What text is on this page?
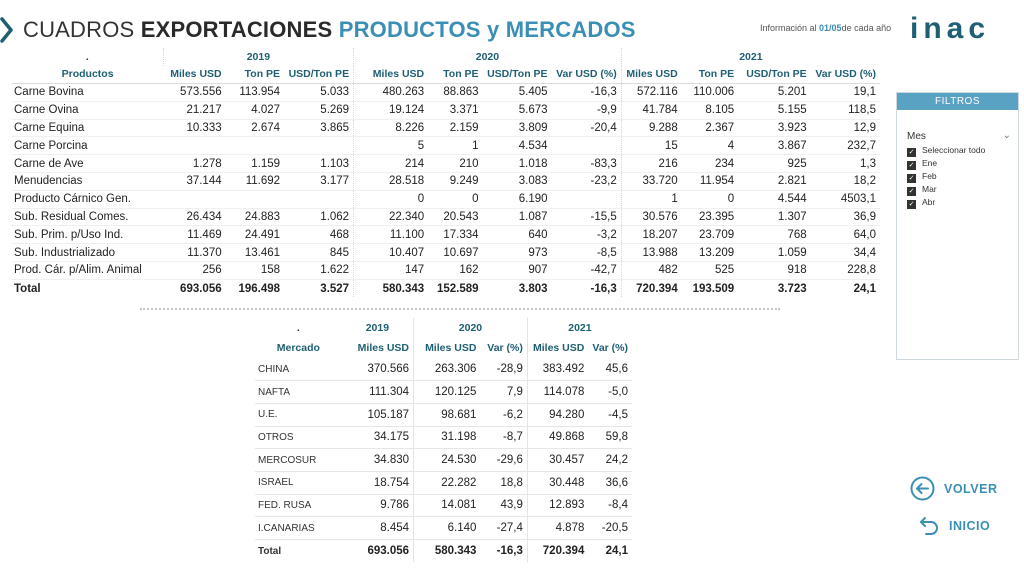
CUADROS EXPORTACIONES PRODUCTOS y MERCADOS	Información al 01/05de cada año inac
.	2019			2020				2021			
Productos	Miles USD	Ton PE	USD/Ton PE	Miles USD	Ton PE	USD/Ton PE	Var USD (%)	Miles USD	Ton PE	USD/Ton PE	Var USD (%)
Carne Bovina	573.556	113.954	5.033	480.263	88.863	5.405	-16,3	572.116	110.006	5.201	19,1
Carne Ovina	21.217	4.027	5.269	19.124	3.371	5.673	-9,9	41.784	8.105	5.155	118,5
Carne Equina	10.333	2.674	3.865	8.226	2.159	3.809	-20,4	9.288	2.367	3.923	12,9
Carne Porcina				5	1	4.534		15	4	3.867	232,7
Carne de Ave	1.278	1.159	1.103	214	210	1.018	-83,3	216	234	925	1,3
Menudencias	37.144	11.692	3.177	28.518	9.249	3.083	-23,2	33.720	11.954	2.821	18,2
Producto Cárnico Gen.				0	0	6.190		1	0	4.544	4503,1
Sub. Residual Comes.	26.434	24.883	1.062	22.340	20.543	1.087	-15,5	30.576	23.395	1.307	36,9
Sub. Prim. p/Uso Ind.	11.469	24.491	468	11.100	17.334	640	-3,2	18.207	23.709	768	64,0
Sub. Industrializado	11.370	13.461	845	10.407	10.697	973	-8,5	13.988	13.209	1.059	34,4
Prod. Cár. p/Alim. Animal	256	158	1.622	147	162	907	-42,7	482	525	918	228,8
Total	693.056	196.498	3.527	580.343	152.589	3.803	-16,3	720.394	193.509	3.723	24,1
.	2019	2020		2021	
Mercado	Miles USD	Miles USD	Var (%)	Miles USD	Var (%)
CHINA	370.566	263.306	-28,9	383.492	45,6
NAFTA	111.304	120.125	7,9	114.078	-5,0
U.E.	105.187	98.681	-6,2	94.280	-4,5
OTROS	34.175	31.198	-8,7	49.868	59,8
MERCOSUR	34.830	24.530	-29,6	30.457	24,2
ISRAEL	18.754	22.282	18,8	30.448	36,6
FED. RUSA	9.786	14.081	43,9	12.893	-8,4
I.CANARIAS	8.454	6.140	-27,4	4.878	-20,5
Total	693.056	580.343	-16,3	720.394	24,1
FILTROS
Mes	⌄
✓ Seleccionar todo
✓ Ene
✓ Feb
✓ Mar
✓ Abr
VOLVER
INICIO
